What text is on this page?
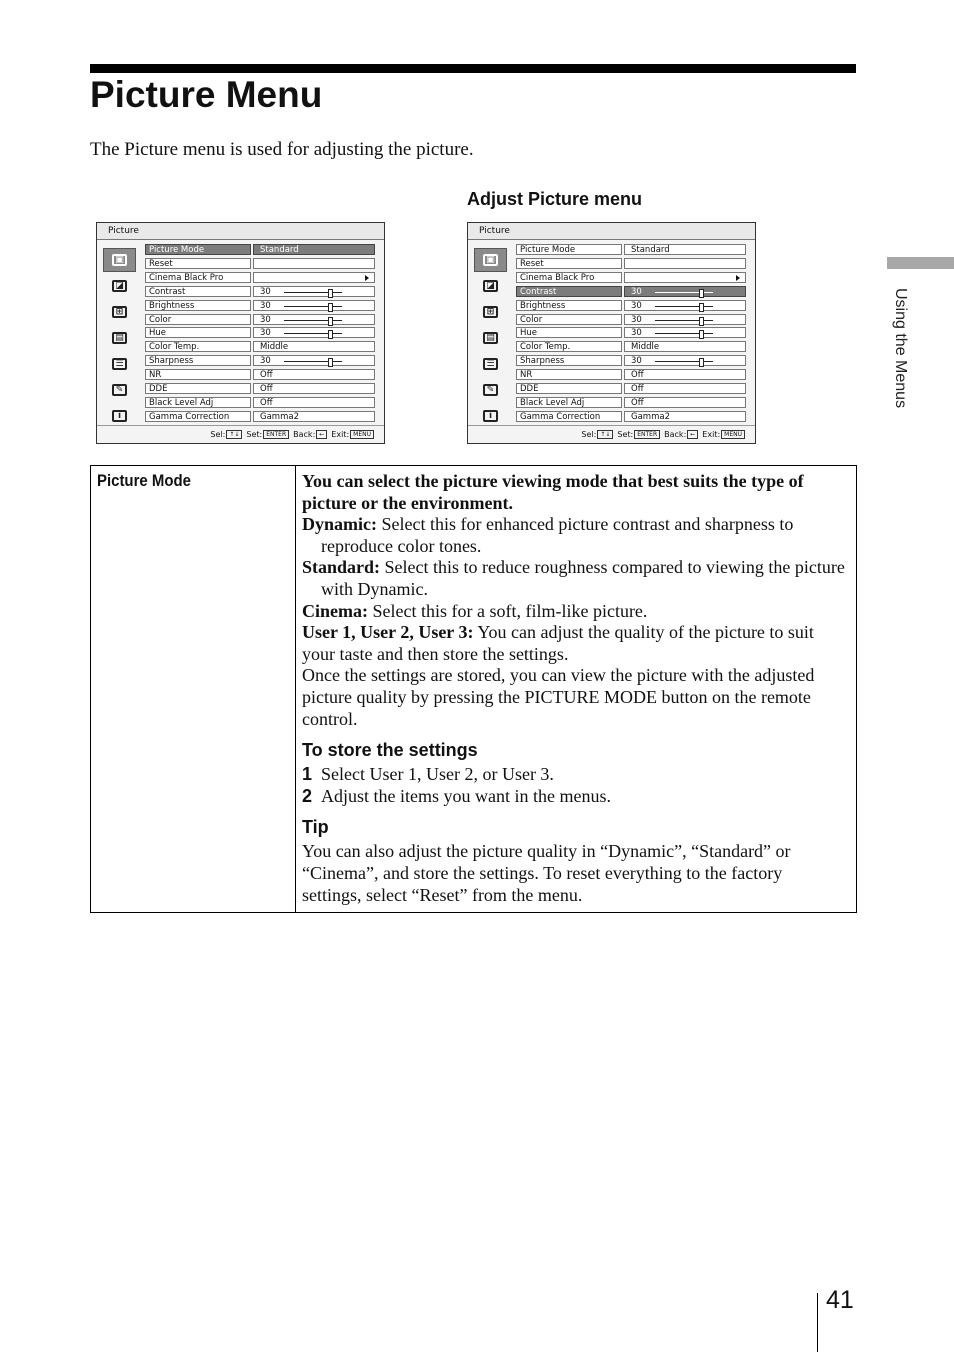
Picture Menu
The Picture menu is used for adjusting the picture.
Adjust Picture menu
Picture
▣
◪
⊞
▤
☰
✎
i
Picture Mode	Standard
Reset
Cinema Black Pro
Contrast	30
Brightness	30
Color	30
Hue	30
Color Temp.	Middle
Sharpness	30
NR	Off
DDE	Off
Black Level Adj	Off
Gamma Correction	Gamma2
Sel: ↑↓ Set: ENTER Back: ← Exit: MENU
Picture
▣
◪
⊞
▤
☰
✎
i
Picture Mode	Standard
Reset
Cinema Black Pro
Contrast	30
Brightness	30
Color	30
Hue	30
Color Temp.	Middle
Sharpness	30
NR	Off
DDE	Off
Black Level Adj	Off
Gamma Correction	Gamma2
Sel: ↑↓ Set: ENTER Back: ← Exit: MENU
Using the Menus
Picture Mode	You can select the picture viewing mode that best suits the type of picture or the environment.

Dynamic: Select this for enhanced picture contrast and sharpness to reproduce color tones.

Standard: Select this to reduce roughness compared to viewing the picture with Dynamic.

Cinema: Select this for a soft, film-like picture.

User 1, User 2, User 3: You can adjust the quality of the picture to suit your taste and then store the settings.

Once the settings are stored, you can view the picture with the adjusted picture quality by pressing the PICTURE MODE button on the remote control.

To store the settings

1 Select User 1, User 2, or User 3.

2 Adjust the items you want in the menus.

Tip

You can also adjust the picture quality in “Dynamic”, “Standard” or “Cinema”, and store the settings. To reset everything to the factory settings, select “Reset” from the menu.

41
